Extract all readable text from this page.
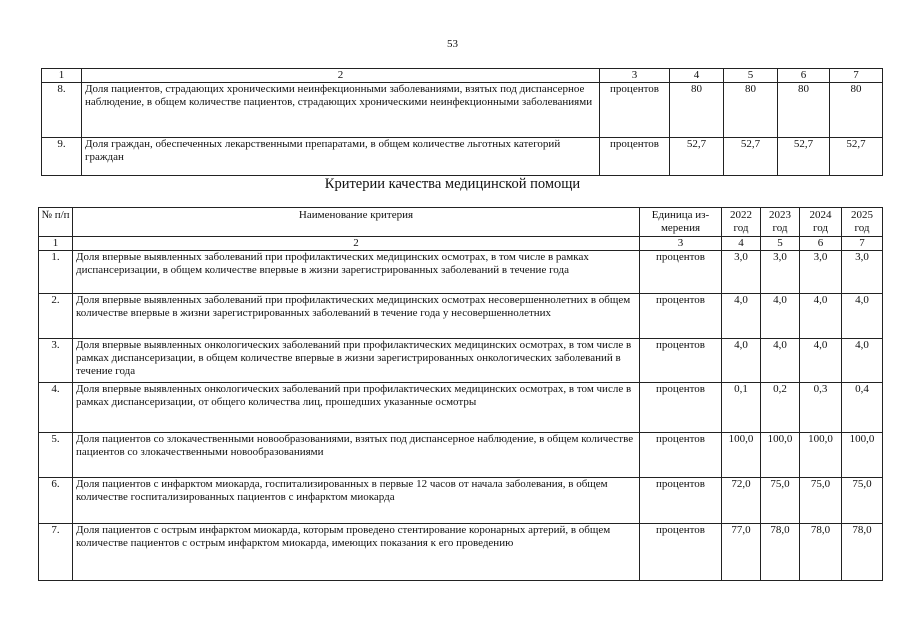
53
1	2	3	4	5	6	7
8.	Доля пациентов, страдающих хроническими неинфекционными заболеваниями, взятых под диспансерное наблюдение, в общем количестве пациентов, страдающих хроническими неинфекционными заболеваниями	процентов	80	80	80	80
9.	Доля граждан, обеспеченных лекарственными препаратами, в общем количестве льготных категорий граждан	процентов	52,7	52,7	52,7	52,7
Критерии качества медицинской помощи
№ п/п	Наименование критерия	Единица измерения	2022 год	2023 год	2024 год	2025 год
1	2	3	4	5	6	7
1.	Доля впервые выявленных заболеваний при профилактических медицинских осмотрах, в том числе в рамках диспансеризации, в общем количестве впервые в жизни зарегистрированных заболеваний в течение года	процентов	3,0	3,0	3,0	3,0
2.	Доля впервые выявленных заболеваний при профилактических медицинских осмотрах несовершеннолетних в общем количестве впервые в жизни зарегистрированных заболеваний в течение года у несовершеннолетних	процентов	4,0	4,0	4,0	4,0
3.	Доля впервые выявленных онкологических заболеваний при профилактических медицинских осмотрах, в том числе в рамках диспансеризации, в общем количестве впервые в жизни зарегистрированных онкологических заболеваний в течение года	процентов	4,0	4,0	4,0	4,0
4.	Доля впервые выявленных онкологических заболеваний при профилактических медицинских осмотрах, в том числе в рамках диспансеризации, от общего количества лиц, прошедших указанные осмотры	процентов	0,1	0,2	0,3	0,4
5.	Доля пациентов со злокачественными новообразованиями, взятых под диспансерное наблюдение, в общем количестве пациентов со злокачественными новообразованиями	процентов	100,0	100,0	100,0	100,0
6.	Доля пациентов с инфарктом миокарда, госпитализированных в первые 12 часов от начала заболевания, в общем количестве госпитализированных пациентов с инфарктом миокарда	процентов	72,0	75,0	75,0	75,0
7.	Доля пациентов с острым инфарктом миокарда, которым проведено стентирование коронарных артерий, в общем количестве пациентов с острым инфарктом миокарда, имеющих показания к его проведению	процентов	77,0	78,0	78,0	78,0
